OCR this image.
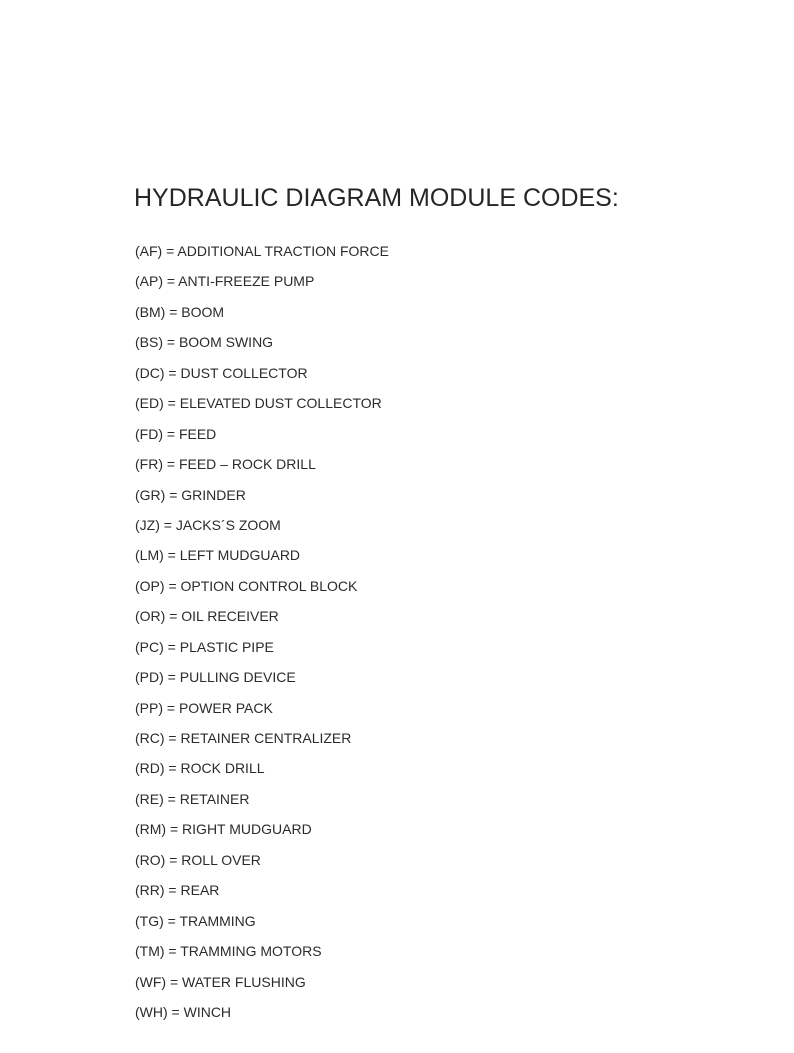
HYDRAULIC DIAGRAM MODULE CODES:
(AF) = ADDITIONAL TRACTION FORCE
(AP) = ANTI-FREEZE PUMP
(BM) = BOOM
(BS) = BOOM SWING
(DC) = DUST COLLECTOR
(ED) = ELEVATED DUST COLLECTOR
(FD) = FEED
(FR) = FEED – ROCK DRILL
(GR) = GRINDER
(JZ) = JACKS´S ZOOM
(LM) = LEFT MUDGUARD
(OP) = OPTION CONTROL BLOCK
(OR) = OIL RECEIVER
(PC) = PLASTIC PIPE
(PD) = PULLING DEVICE
(PP) = POWER PACK
(RC) = RETAINER CENTRALIZER
(RD) = ROCK DRILL
(RE) = RETAINER
(RM) = RIGHT MUDGUARD
(RO) = ROLL OVER
(RR) = REAR
(TG) = TRAMMING
(TM) = TRAMMING MOTORS
(WF) = WATER FLUSHING
(WH) = WINCH
